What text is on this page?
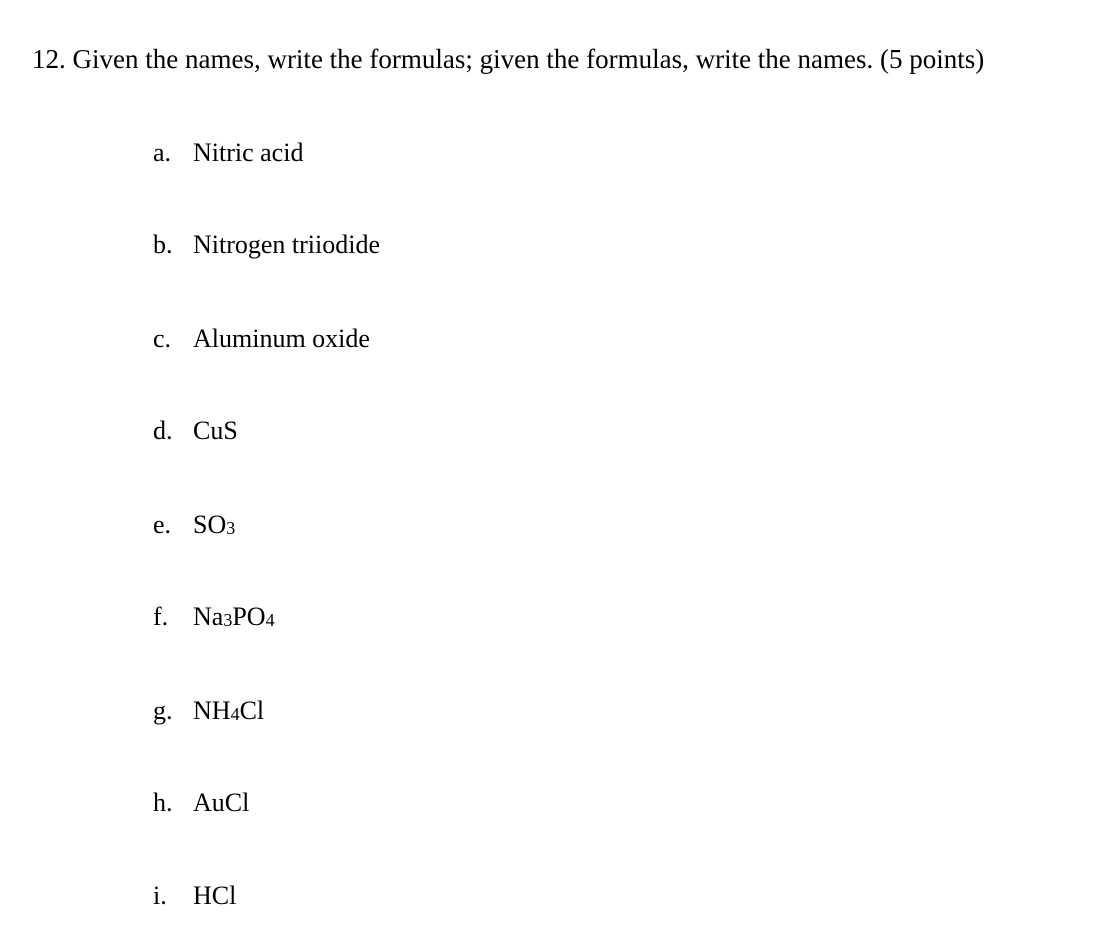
12. Given the names, write the formulas; given the formulas, write the names. (5 points)
a. Nitric acid
b. Nitrogen triiodide
c. Aluminum oxide
d. CuS
e. SO3
f. Na3PO4
g. NH4Cl
h. AuCl
i. HCl
